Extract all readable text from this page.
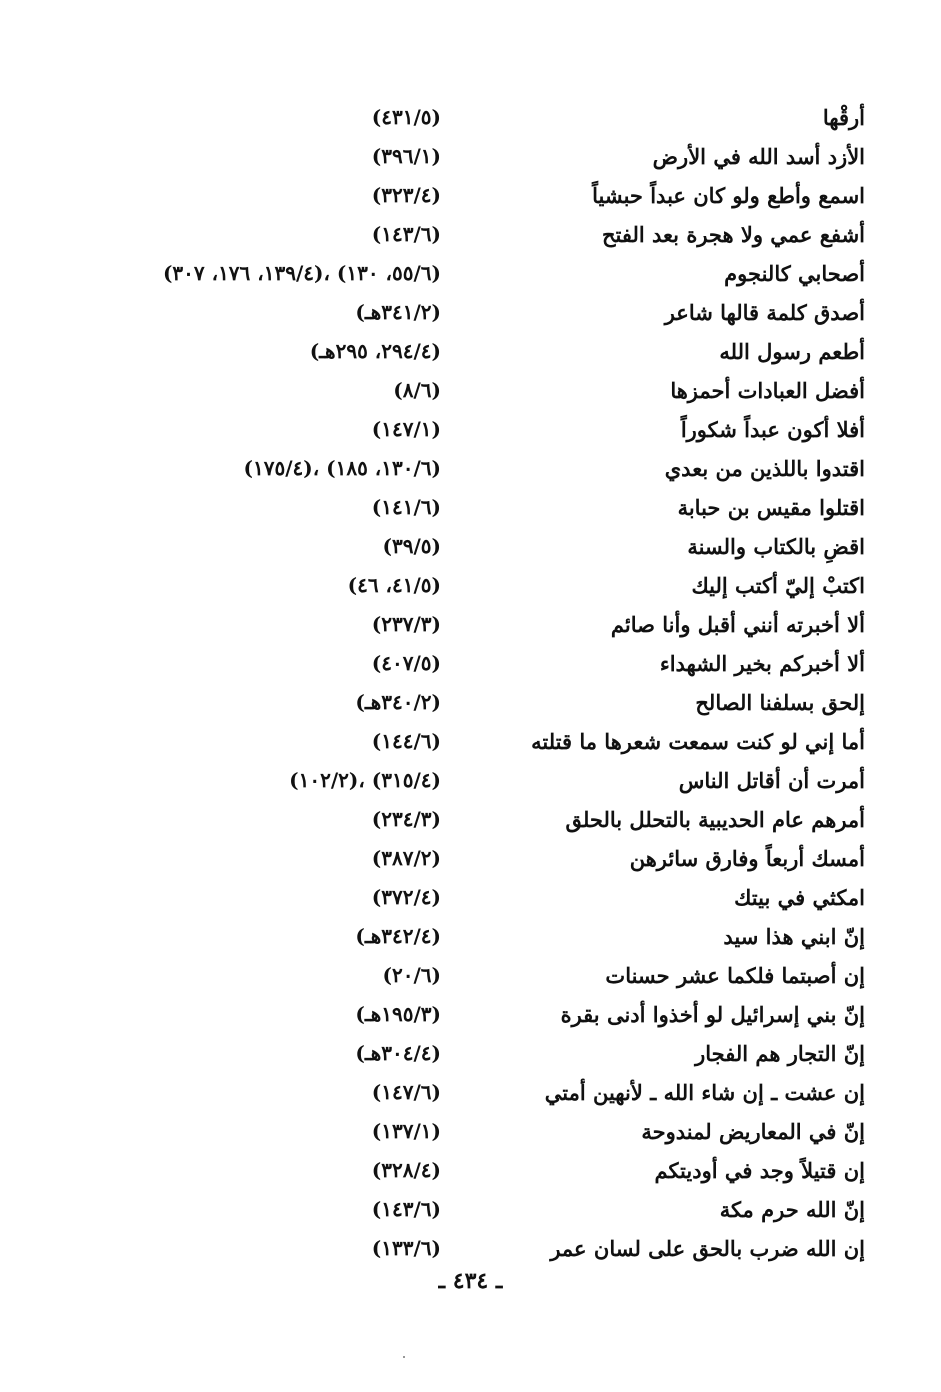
أرقْها
(٤٣١/٥)
الأزد أسد الله في الأرض
(٣٩٦/١)
اسمع وأطع ولو كان عبداً حبشياً
(٣٢٣/٤)
أشفع عمي ولا هجرة بعد الفتح
(١٤٣/٦)
أصحابي كالنجوم
(١٣٩/٤، ١٧٦، ٣٠٧)، (٥٥/٦، ١٣٠)
أصدق كلمة قالها شاعر
(٣٤١/٢هـ)
أطعم رسول الله
(٢٩٤/٤، ٢٩٥هـ)
أفضل العبادات أحمزها
(٨/٦)
أفلا أكون عبداً شكوراً
(١٤٧/١)
اقتدوا باللذين من بعدي
(١٧٥/٤)، (١٣٠/٦، ١٨٥)
اقتلوا مقيس بن حبابة
(١٤١/٦)
اقضِ بالكتاب والسنة
(٣٩/٥)
اكتبْ إليّ أكتب إليك
(٤١/٥، ٤٦)
ألا أخبرته أنني أقبل وأنا صائم
(٢٣٧/٣)
ألا أخبركم بخير الشهداء
(٤٠٧/٥)
إلحق بسلفنا الصالح
(٣٤٠/٢هـ)
أما إني لو كنت سمعت شعرها ما قتلته
(١٤٤/٦)
أمرت أن أقاتل الناس
(١٠٢/٢)، (٣١٥/٤)
أمرهم عام الحديبية بالتحلل بالحلق
(٢٣٤/٣)
أمسك أربعاً وفارق سائرهن
(٣٨٧/٢)
امكثي في بيتك
(٣٧٢/٤)
إنّ ابني هذا سيد
(٣٤٢/٤هـ)
إن أصبتما فلكما عشر حسنات
(٢٠/٦)
إنّ بني إسرائيل لو أخذوا أدنى بقرة
(١٩٥/٣هـ)
إنّ التجار هم الفجار
(٣٠٤/٤هـ)
إن عشت ـ إن شاء الله ـ لأنهين أمتي
(١٤٧/٦)
إنّ في المعاريض لمندوحة
(١٣٧/١)
إن قتيلاً وجد في أوديتكم
(٣٢٨/٤)
إنّ الله حرم مكة
(١٤٣/٦)
إن الله ضرب بالحق على لسان عمر
(١٣٣/٦)
ـ ٤٣٤ ـ
